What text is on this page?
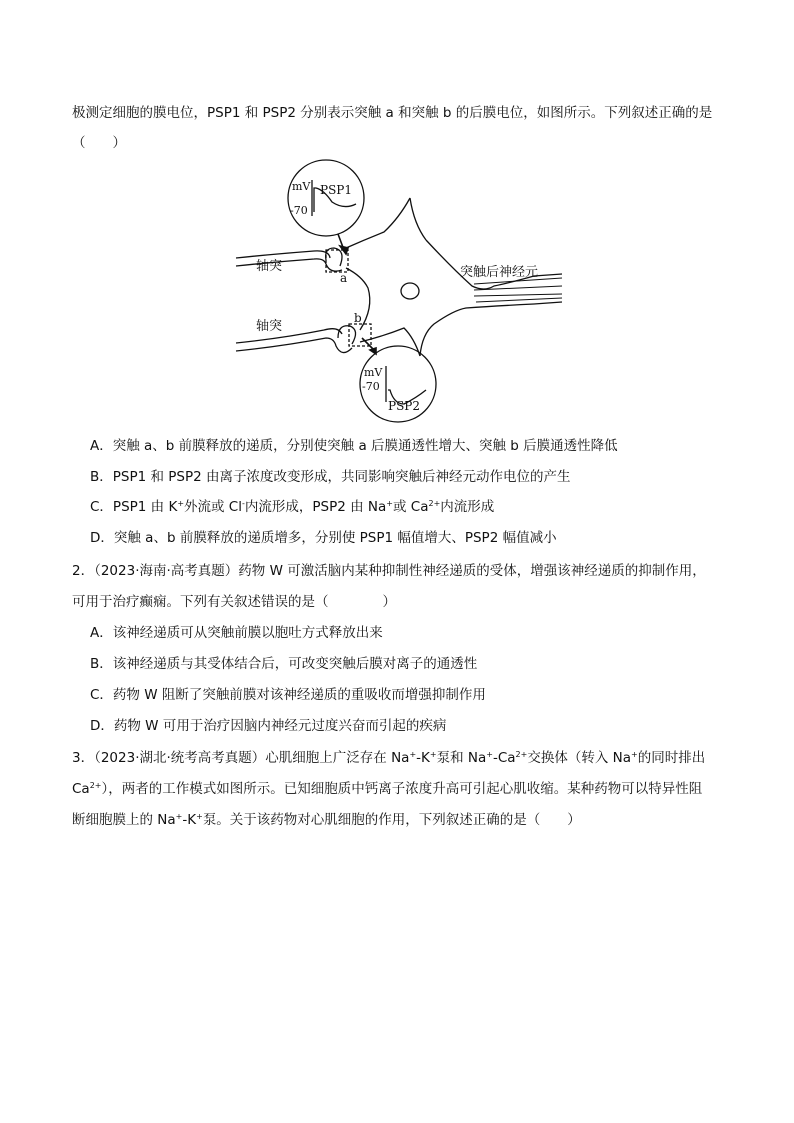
极测定细胞的膜电位，PSP1 和 PSP2 分别表示突触 a 和突触 b 的后膜电位，如图所示。下列叙述正确的是
（　　）
mV
-70
PSP1
mV
-70
PSP2
轴突
轴突
突触后神经元
a
b
A．突触 a、b 前膜释放的递质，分别使突触 a 后膜通透性增大、突触 b 后膜通透性降低
B．PSP1 和 PSP2 由离子浓度改变形成，共同影响突触后神经元动作电位的产生
C．PSP1 由 K+外流或 Cl-内流形成，PSP2 由 Na+或 $Ca^{2+}$内流形成
D．突触 a、b 前膜释放的递质增多，分别使 PSP1 幅值增大、PSP2 幅值减小
2．（2023·海南·高考真题）药物 W 可激活脑内某种抑制性神经递质的受体，增强该神经递质的抑制作用，
可用于治疗癫痫。下列有关叙述错误的是（　　　　）
A．该神经递质可从突触前膜以胞吐方式释放出来
B．该神经递质与其受体结合后，可改变突触后膜对离子的通透性
C．药物 W 阻断了突触前膜对该神经递质的重吸收而增强抑制作用
D．药物 W 可用于治疗因脑内神经元过度兴奋而引起的疾病
3．（2023·湖北·统考高考真题）心肌细胞上广泛存在 Na+-K+泵和 $Na^+-Ca^{2+}$交换体（转入 Na+的同时排出
$Ca^{2+}$），两者的工作模式如图所示。已知细胞质中钙离子浓度升高可引起心肌收缩。某种药物可以特异性阻
断细胞膜上的 Na+-K+泵。关于该药物对心肌细胞的作用，下列叙述正确的是（　　）
